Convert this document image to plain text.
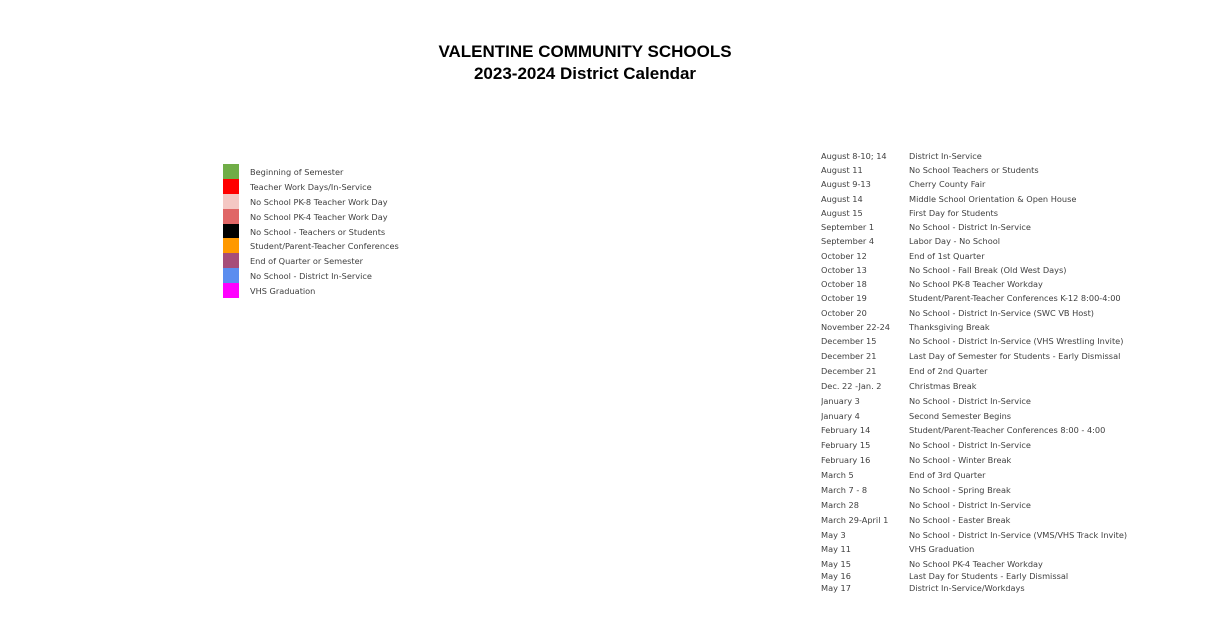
VALENTINE COMMUNITY SCHOOLS
2023-2024 District Calendar
Beginning of Semester
Teacher Work Days/In-Service
No School PK-8 Teacher Work Day
No School PK-4 Teacher Work Day
No School - Teachers or Students
Student/Parent-Teacher Conferences
End of Quarter or Semester
No School - District In-Service
VHS Graduation
August 8-10; 14	District In-Service
August 11	No School Teachers or Students
August 9-13	Cherry County Fair
August 14	Middle School Orientation & Open House
August 15	First Day for Students
September 1	No School - District In-Service
September 4	Labor Day - No School
October 12	End of 1st Quarter
October 13	No School - Fall Break (Old West Days)
October 18	No School PK-8 Teacher Workday
October 19	Student/Parent-Teacher Conferences K-12 8:00-4:00
October 20	No School - District In-Service (SWC VB Host)
November 22-24	Thanksgiving Break
December 15	No School - District In-Service (VHS Wrestling Invite)
December 21	Last Day of Semester for Students - Early Dismissal
December 21	End of 2nd Quarter
Dec. 22 -Jan. 2	Christmas Break
January 3	No School - District In-Service
January 4	Second Semester Begins
February 14	Student/Parent-Teacher Conferences 8:00 - 4:00
February 15	No School - District In-Service
February 16	No School - Winter Break
March 5	End of 3rd Quarter
March 7 - 8	No School - Spring Break
March 28	No School - District In-Service
March 29-April 1	No School - Easter Break
May 3	No School - District In-Service (VMS/VHS Track Invite)
May 11	VHS Graduation
May 15	No School PK-4 Teacher Workday
May 16	Last Day for Students - Early Dismissal
May 17	District In-Service/Workdays
